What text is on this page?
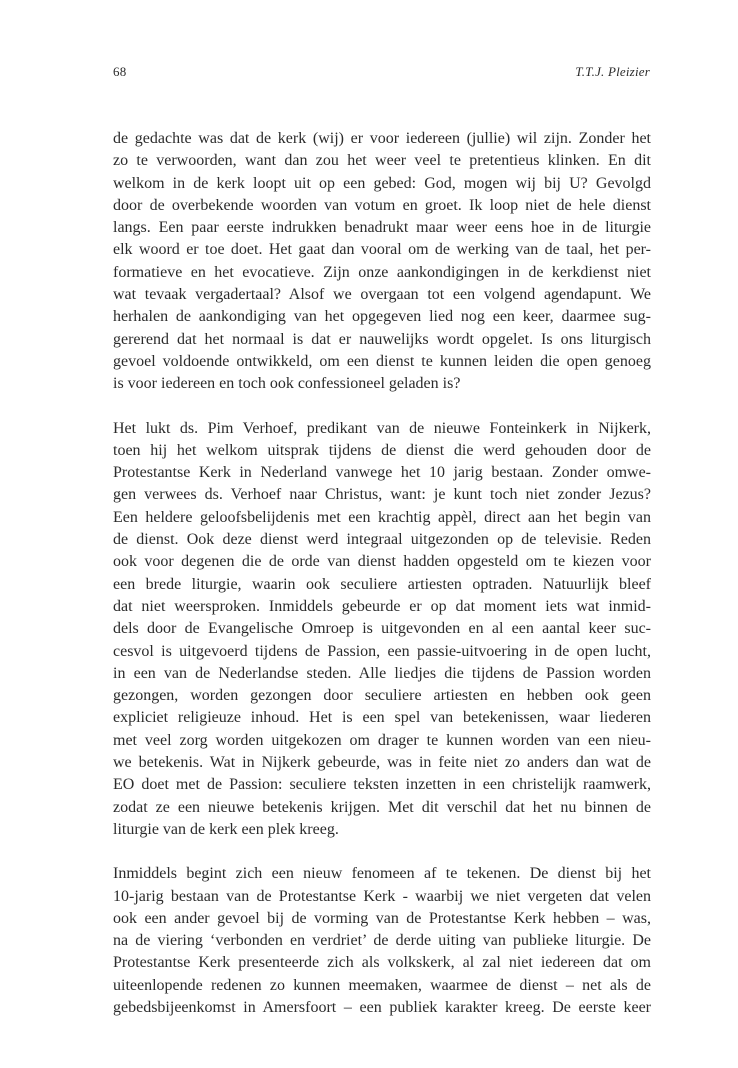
68	T.T.J. Pleizier

de gedachte was dat de kerk (wij) er voor iedereen (jullie) wil zijn. Zonder het
zo te verwoorden, want dan zou het weer veel te pretentieus klinken. En dit
welkom in de kerk loopt uit op een gebed: God, mogen wij bij U? Gevolgd
door de overbekende woorden van votum en groet. Ik loop niet de hele dienst
langs. Een paar eerste indrukken benadrukt maar weer eens hoe in de liturgie
elk woord er toe doet. Het gaat dan vooral om de werking van de taal, het per-
formatieve en het evocatieve. Zijn onze aankondigingen in de kerkdienst niet
wat tevaak vergadertaal? Alsof we overgaan tot een volgend agendapunt. We
herhalen de aankondiging van het opgegeven lied nog een keer, daarmee sug-
gererend dat het normaal is dat er nauwelijks wordt opgelet. Is ons liturgisch
gevoel voldoende ontwikkeld, om een dienst te kunnen leiden die open genoeg
is voor iedereen en toch ook confessioneel geladen is?

Het lukt ds. Pim Verhoef, predikant van de nieuwe Fonteinkerk in Nijkerk,
toen hij het welkom uitsprak tijdens de dienst die werd gehouden door de
Protestantse Kerk in Nederland vanwege het 10 jarig bestaan. Zonder omwe-
gen verwees ds. Verhoef naar Christus, want: je kunt toch niet zonder Jezus?
Een heldere geloofsbelijdenis met een krachtig appèl, direct aan het begin van
de dienst. Ook deze dienst werd integraal uitgezonden op de televisie. Reden
ook voor degenen die de orde van dienst hadden opgesteld om te kiezen voor
een brede liturgie, waarin ook seculiere artiesten optraden. Natuurlijk bleef
dat niet weersproken. Inmiddels gebeurde er op dat moment iets wat inmid-
dels door de Evangelische Omroep is uitgevonden en al een aantal keer suc-
cesvol is uitgevoerd tijdens de Passion, een passie-uitvoering in de open lucht,
in een van de Nederlandse steden. Alle liedjes die tijdens de Passion worden
gezongen, worden gezongen door seculiere artiesten en hebben ook geen
expliciet religieuze inhoud. Het is een spel van betekenissen, waar liederen
met veel zorg worden uitgekozen om drager te kunnen worden van een nieu-
we betekenis. Wat in Nijkerk gebeurde, was in feite niet zo anders dan wat de
EO doet met de Passion: seculiere teksten inzetten in een christelijk raamwerk,
zodat ze een nieuwe betekenis krijgen. Met dit verschil dat het nu binnen de
liturgie van de kerk een plek kreeg.

Inmiddels begint zich een nieuw fenomeen af te tekenen. De dienst bij het
10-jarig bestaan van de Protestantse Kerk - waarbij we niet vergeten dat velen
ook een ander gevoel bij de vorming van de Protestantse Kerk hebben – was,
na de viering ‘verbonden en verdriet’ de derde uiting van publieke liturgie. De
Protestantse Kerk presenteerde zich als volkskerk, al zal niet iedereen dat om
uiteenlopende redenen zo kunnen meemaken, waarmee de dienst – net als de
gebedsbijeenkomst in Amersfoort – een publiek karakter kreeg. De eerste keer
